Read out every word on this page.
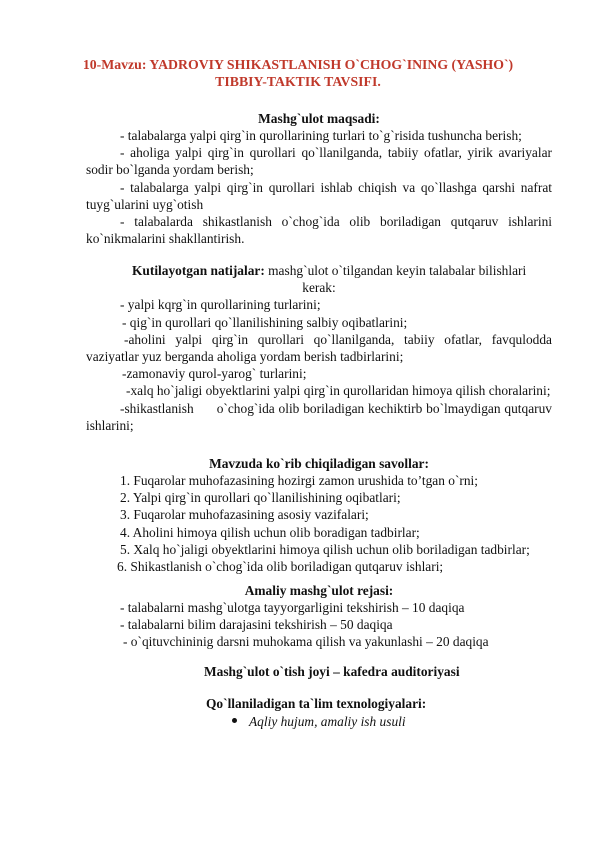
10-Mavzu: YADROVIY SHIKASTLANISH O`CHOG`INING (YASHO`)
TIBBIY-TAKTIK TAVSIFI.
Mashg`ulot maqsadi:

- talabalarga yalpi qirg`in qurollarining turlari to`g`risida tushuncha berish;

- aholiga yalpi qirg`in qurollari qo`llanilganda, tabiiy ofatlar, yirik avariyalar sodir bo`lganda yordam berish;

- talabalarga yalpi qirg`in qurollari ishlab chiqish va qo`llashga qarshi nafrat tuyg`ularini uyg`otish

- talabalarda shikastlanish o`chog`ida olib boriladigan qutqaruv ishlarini ko`nikmalarini shakllantirish.

Kutilayotgan natijalar: mashg`ulot o`tilgandan keyin talabalar bilishlari

kerak:

- yalpi kqrg`in qurollarining turlarini;

- qig`in qurollari qo`llanilishining salbiy oqibatlarini;

-aholini yalpi qirg`in qurollari qo`llanilganda, tabiiy ofatlar, favqulodda vaziyatlar yuz berganda aholiga yordam berish tadbirlarini;

-zamonaviy qurol-yarog` turlarini;

-xalq ho`jaligi obyektlarini yalpi qirg`in qurollaridan himoya qilish choralarini;

-shikastlanish      o`chog`ida olib boriladigan kechiktirb bo`lmaydigan qutqaruv ishlarini;

Mavzuda ko`rib chiqiladigan savollar:

1. Fuqarolar muhofazasining hozirgi zamon urushida to’tgan o`rni;

2. Yalpi qirg`in qurollari qo`llanilishining oqibatlari;

3. Fuqarolar muhofazasining asosiy vazifalari;

4. Aholini himoya qilish uchun olib boradigan tadbirlar;

5. Xalq ho`jaligi obyektlarini himoya qilish uchun olib boriladigan tadbirlar;

6. Shikastlanish o`chog`ida olib boriladigan qutqaruv ishlari;

Amaliy mashg`ulot rejasi:

- talabalarni mashg`ulotga tayyorgarligini tekshirish – 10 daqiqa

- talabalarni bilim darajasini tekshirish – 50 daqiqa

- o`qituvchininig darsni muhokama qilish va yakunlashi – 20 daqiqa

Mashg`ulot o`tish joyi – kafedra auditoriyasi
Qo`llaniladigan ta`lim texnologiyalari:
Aqliy hujum, amaliy ish usuli
